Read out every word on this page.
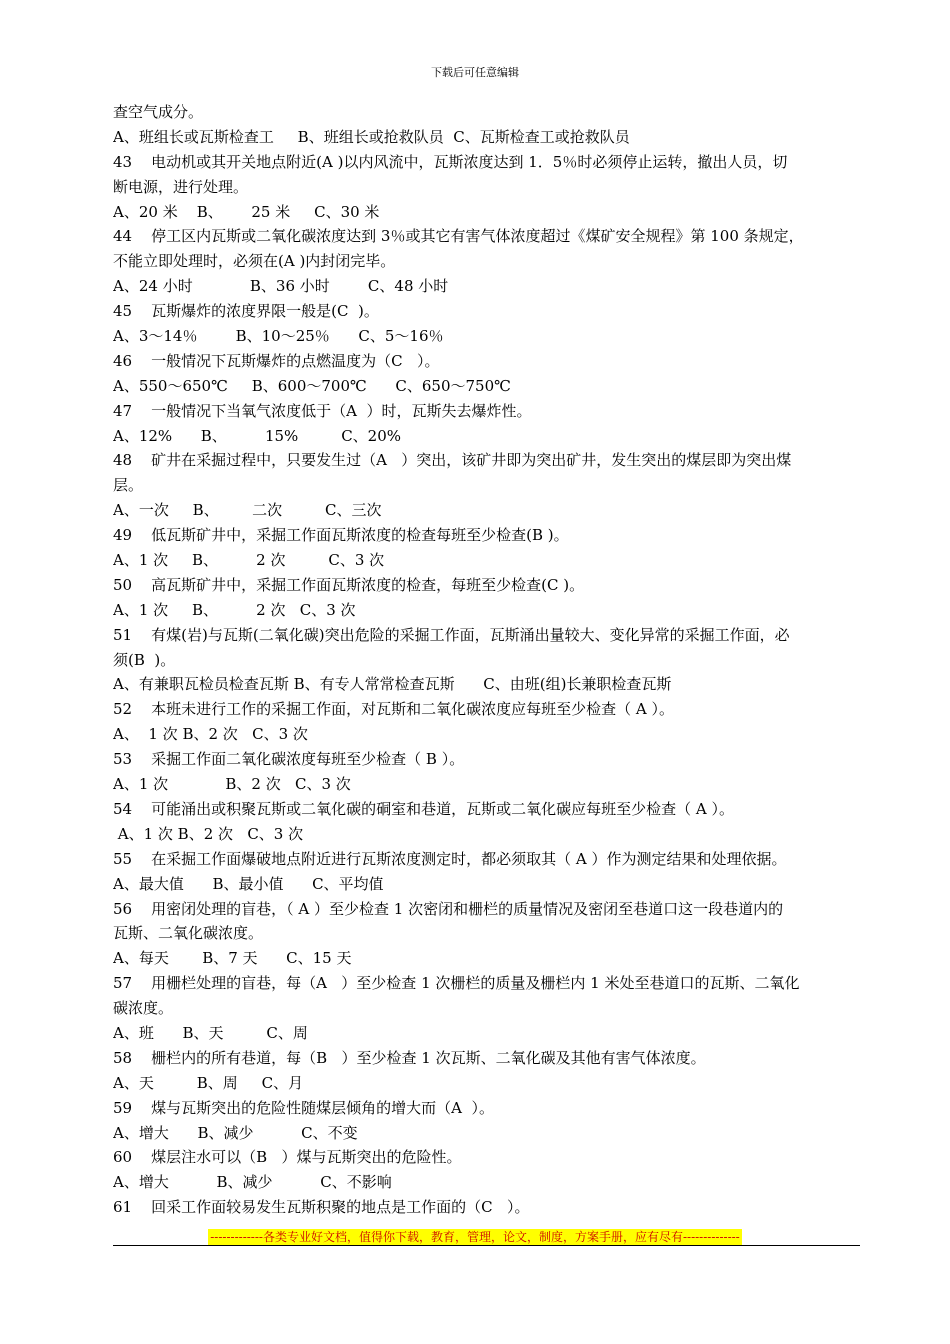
下载后可任意编辑
查空气成分。
A、班组长或瓦斯检查工     B、班组长或抢救队员  C、瓦斯检查工或抢救队员
43    电动机或其开关地点附近(A )以内风流中，瓦斯浓度达到 1．5％时必须停止运转，撤出人员，切
断电源，进行处理。
A、20 米    B、      25 米     C、30 米
44    停工区内瓦斯或二氧化碳浓度达到 3％或其它有害气体浓度超过《煤矿安全规程》第 100 条规定，
不能立即处理时，必须在(A )内封闭完毕。
A、24 小时            B、36 小时        C、48 小时
45    瓦斯爆炸的浓度界限一般是(C  )。
A、3～14％        B、10～25％      C、5～16％
46    一般情况下瓦斯爆炸的点燃温度为（C   ）。
A、550～650℃     B、600～700℃      C、650～750℃
47    一般情况下当氧气浓度低于（A  ）时，瓦斯失去爆炸性。
A、12%      B、        15%         C、20%
48    矿井在采掘过程中，只要发生过（A   ）突出，该矿井即为突出矿井，发生突出的煤层即为突出煤
层。
A、一次     B、       二次         C、三次
49    低瓦斯矿井中，采掘工作面瓦斯浓度的检查每班至少检查(B )。
A、1 次     B、        2 次         C、3 次
50    高瓦斯矿井中，采掘工作面瓦斯浓度的检查，每班至少检查(C )。
A、1 次     B、        2 次   C、3 次
51    有煤(岩)与瓦斯(二氧化碳)突出危险的采掘工作面，瓦斯涌出量较大、变化异常的采掘工作面，必
须(B  )。
A、有兼职瓦检员检查瓦斯 B、有专人常常检查瓦斯      C、由班(组)长兼职检查瓦斯
52    本班未进行工作的采掘工作面，对瓦斯和二氧化碳浓度应每班至少检查（ A ）。
A、  1 次 B、2 次   C、3 次
53    采掘工作面二氧化碳浓度每班至少检查（ B ）。
A、1 次            B、2 次   C、3 次
54    可能涌出或积聚瓦斯或二氧化碳的硐室和巷道，瓦斯或二氧化碳应每班至少检查（ A ）。
A、1 次 B、2 次   C、3 次
55    在采掘工作面爆破地点附近进行瓦斯浓度测定时，都必须取其（ A ）作为测定结果和处理依据。
A、最大值      B、最小值      C、平均值
56    用密闭处理的盲巷，（ A ）至少检查 1 次密闭和栅栏的质量情况及密闭至巷道口这一段巷道内的
瓦斯、二氧化碳浓度。
A、每天       B、7 天      C、15 天
57    用栅栏处理的盲巷，每（A   ）至少检查 1 次栅栏的质量及栅栏内 1 米处至巷道口的瓦斯、二氧化
碳浓度。
A、班      B、天         C、周
58    栅栏内的所有巷道，每（B   ）至少检查 1 次瓦斯、二氧化碳及其他有害气体浓度。
A、天         B、周     C、月
59    煤与瓦斯突出的危险性随煤层倾角的增大而（A  ）。
A、增大      B、减少          C、不变
60    煤层注水可以（B   ）煤与瓦斯突出的危险性。
A、增大          B、减少          C、不影响
61    回采工作面较易发生瓦斯积聚的地点是工作面的（C   ）。
-------------各类专业好文档，值得你下载，教育，管理，论文，制度，方案手册，应有尽有--------------
